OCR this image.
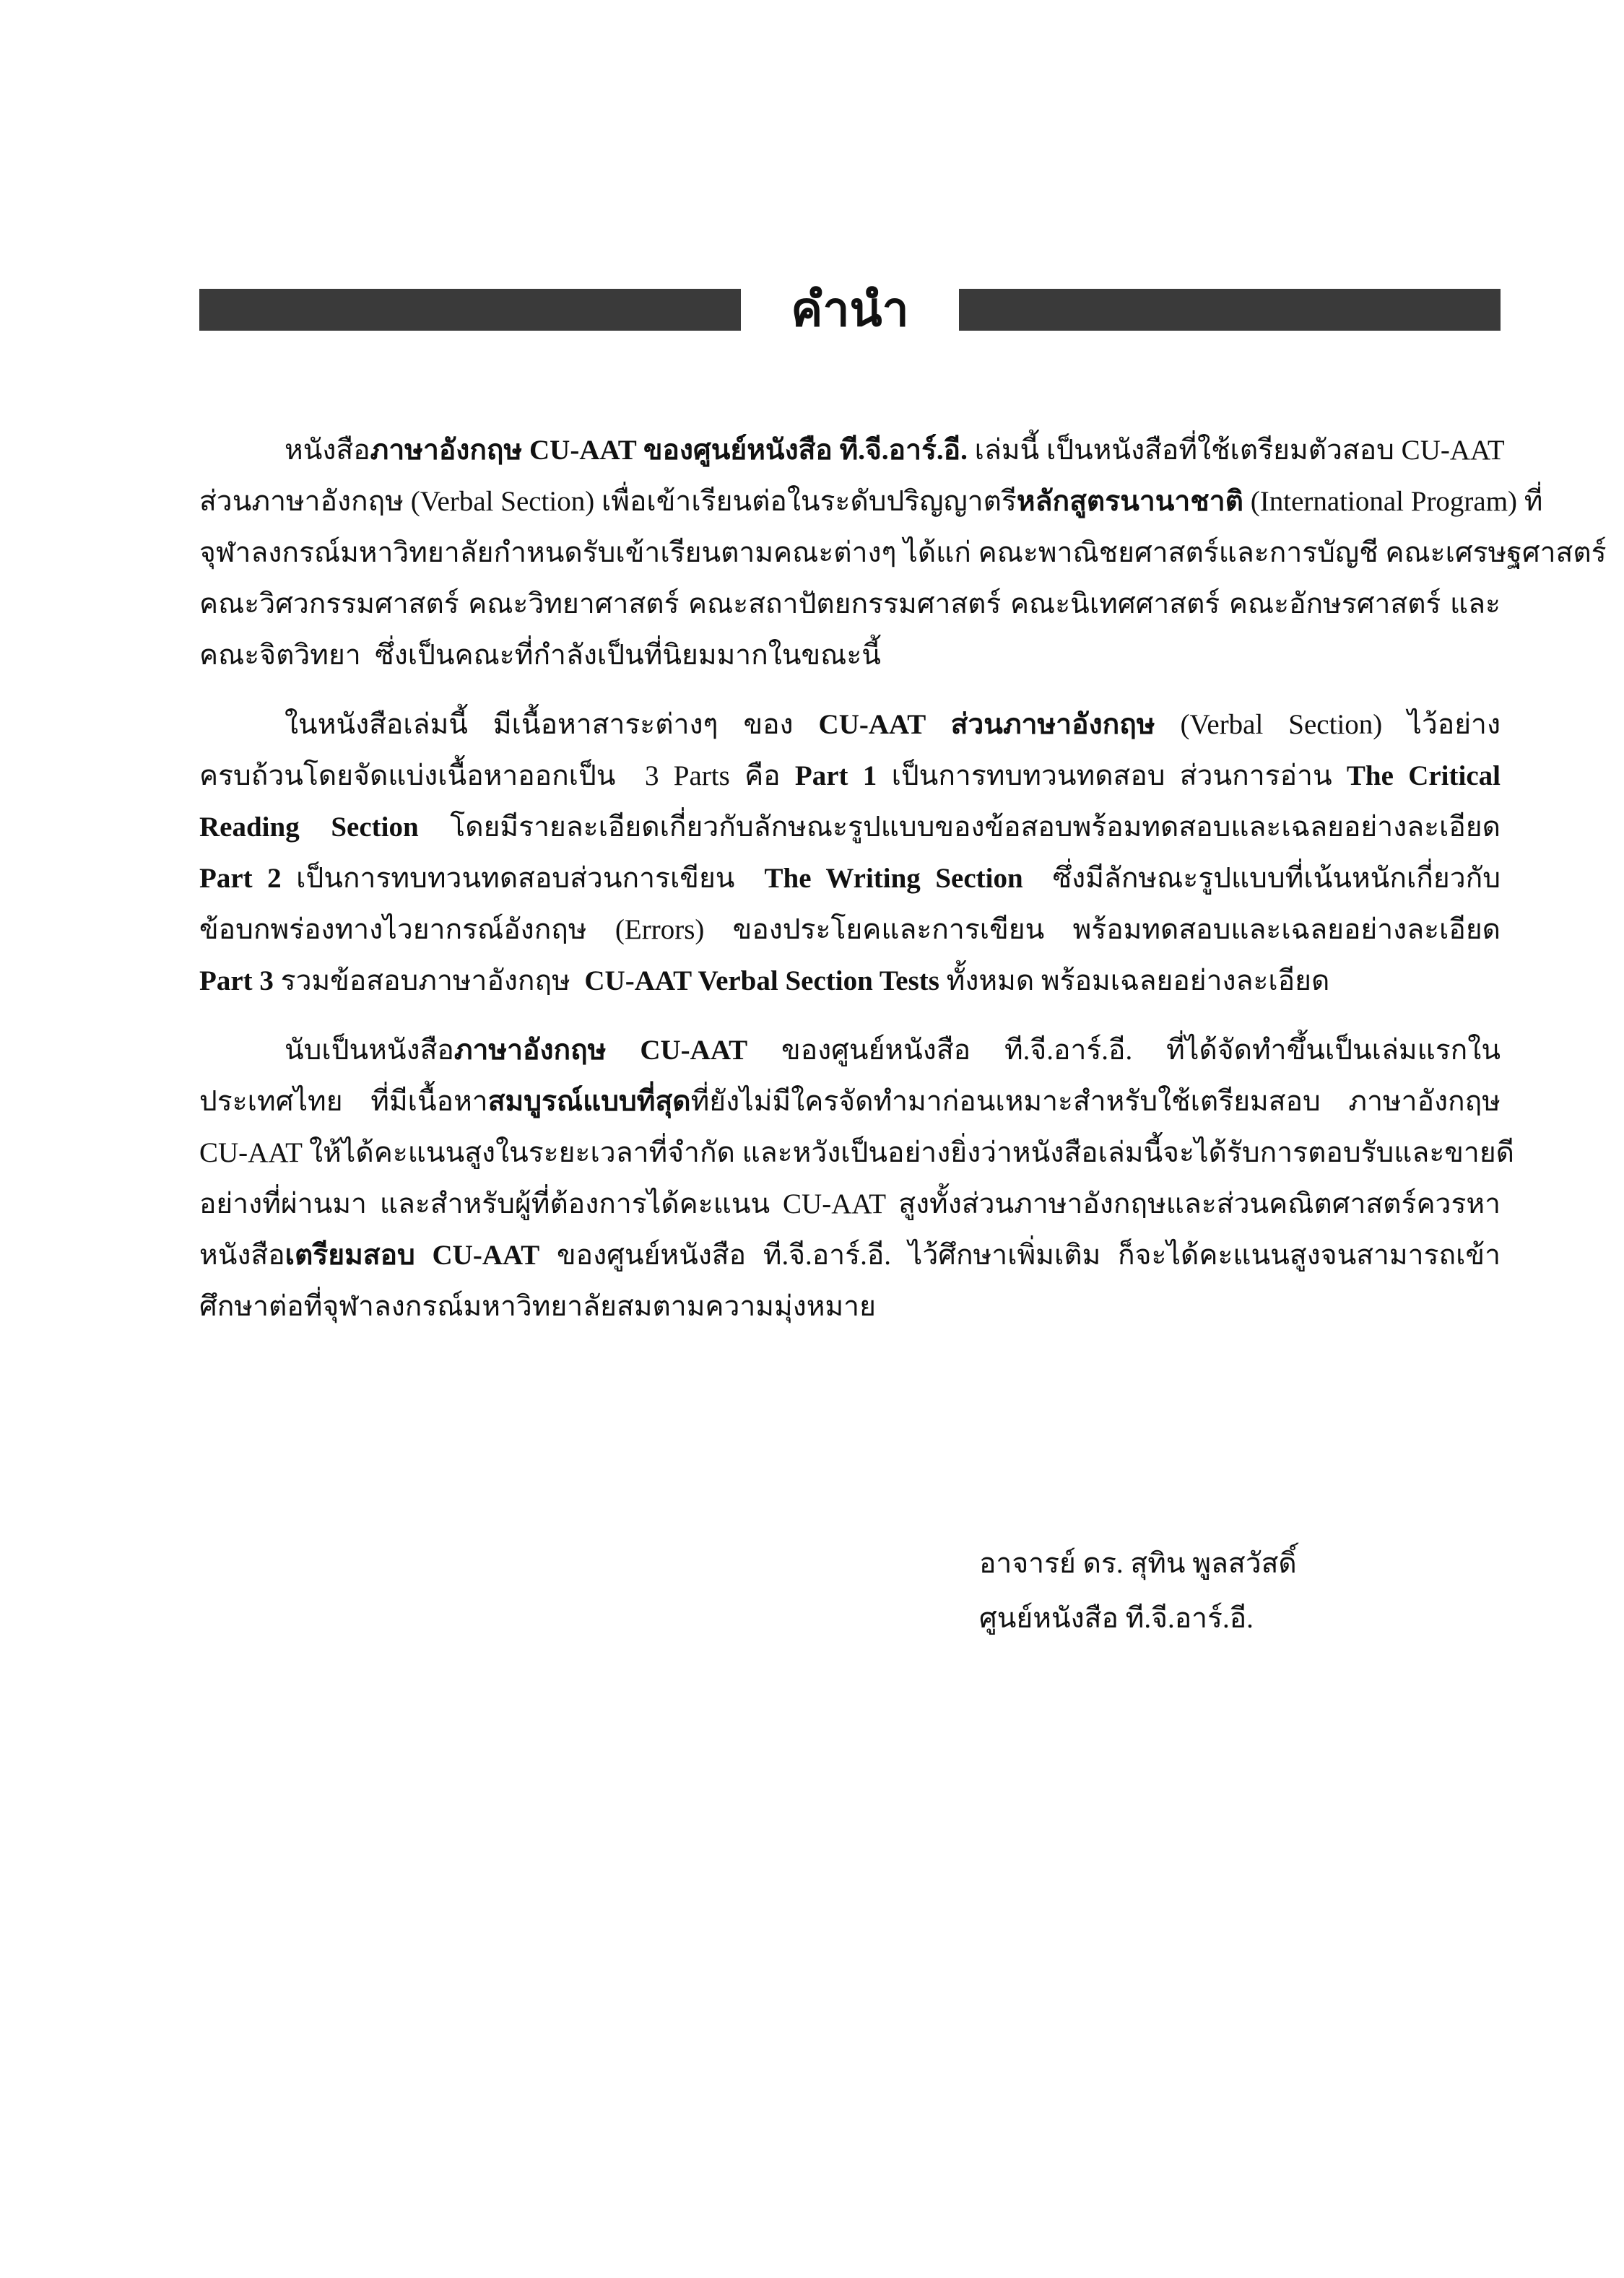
คำนำ
หนังสือภาษาอังกฤษ CU-AAT ของศูนย์หนังสือ ที.จี.อาร์.อี. เล่มนี้ เป็นหนังสือที่ใช้เตรียมตัวสอบ CU-AAT
ส่วนภาษาอังกฤษ (Verbal Section) เพื่อเข้าเรียนต่อในระดับปริญญาตรีหลักสูตรนานาชาติ (International Program) ที่
จุฬาลงกรณ์มหาวิทยาลัยกำหนดรับเข้าเรียนตามคณะต่างๆ ได้แก่ คณะพาณิชยศาสตร์และการบัญชี คณะเศรษฐศาสตร์
คณะวิศวกรรมศาสตร์ คณะวิทยาศาสตร์ คณะสถาปัตยกรรมศาสตร์ คณะนิเทศศาสตร์ คณะอักษรศาสตร์ และ
คณะจิตวิทยา  ซึ่งเป็นคณะที่กำลังเป็นที่นิยมมากในขณะนี้
ในหนังสือเล่มนี้ มีเนื้อหาสาระต่างๆ ของ CU-AAT ส่วนภาษาอังกฤษ (Verbal Section) ไว้อย่าง
ครบถ้วนโดยจัดแบ่งเนื้อหาออกเป็น  3 Parts คือ Part 1 เป็นการทบทวนทดสอบ ส่วนการอ่าน The Critical
Reading Section โดยมีรายละเอียดเกี่ยวกับลักษณะรูปแบบของข้อสอบพร้อมทดสอบและเฉลยอย่างละเอียด
Part 2 เป็นการทบทวนทดสอบส่วนการเขียน  The Writing Section  ซึ่งมีลักษณะรูปแบบที่เน้นหนักเกี่ยวกับ
ข้อบกพร่องทางไวยากรณ์อังกฤษ (Errors) ของประโยคและการเขียน พร้อมทดสอบและเฉลยอย่างละเอียด
Part 3 รวมข้อสอบภาษาอังกฤษ  CU-AAT Verbal Section Tests ทั้งหมด พร้อมเฉลยอย่างละเอียด
นับเป็นหนังสือภาษาอังกฤษ CU-AAT ของศูนย์หนังสือ ที.จี.อาร์.อี. ที่ได้จัดทำขึ้นเป็นเล่มแรกใน
ประเทศไทย ที่มีเนื้อหาสมบูรณ์แบบที่สุดที่ยังไม่มีใครจัดทำมาก่อนเหมาะสำหรับใช้เตรียมสอบ ภาษาอังกฤษ
CU-AAT ให้ได้คะแนนสูงในระยะเวลาที่จำกัด และหวังเป็นอย่างยิ่งว่าหนังสือเล่มนี้จะได้รับการตอบรับและขายดี
อย่างที่ผ่านมา และสำหรับผู้ที่ต้องการได้คะแนน CU-AAT สูงทั้งส่วนภาษาอังกฤษและส่วนคณิตศาสตร์ควรหา
หนังสือเตรียมสอบ CU-AAT ของศูนย์หนังสือ ที.จี.อาร์.อี. ไว้ศึกษาเพิ่มเติม ก็จะได้คะแนนสูงจนสามารถเข้า
ศึกษาต่อที่จุฬาลงกรณ์มหาวิทยาลัยสมตามความมุ่งหมาย
อาจารย์ ดร. สุทิน พูลสวัสดิ์
ศูนย์หนังสือ ที.จี.อาร์.อี.
